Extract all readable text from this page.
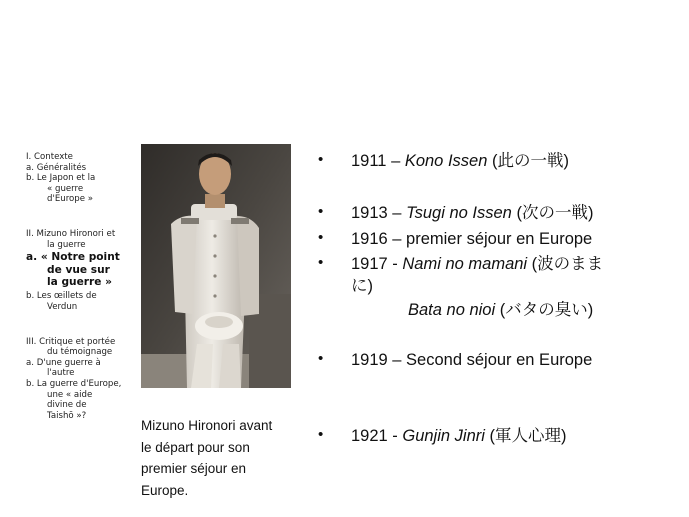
I. Contexte
a. Généralités
b. Le Japon et la
« guerre
d'Europe »
II. Mizuno Hironori et
la guerre
a. « Notre point
de vue sur
la guerre »
b. Les œillets de
Verdun
III. Critique et portée
du témoignage
a. D'une guerre à
l'autre
b. La guerre d'Europe,
une « aide
divine de
Taishō »?
Mizuno Hironori avant
le départ pour son
premier séjour en
Europe.
•	1911 – Kono Issen (此の一戦)
•	1913 – Tsugi no Issen (次の一戦)
•	1916 – premier séjour en Europe
•	1917 - Nami no mamani (波のまま
に)
Bata no nioi (バタの臭い)
•	1919 – Second séjour en Europe
•	1921 - Gunjin Jinri (軍人心理)
